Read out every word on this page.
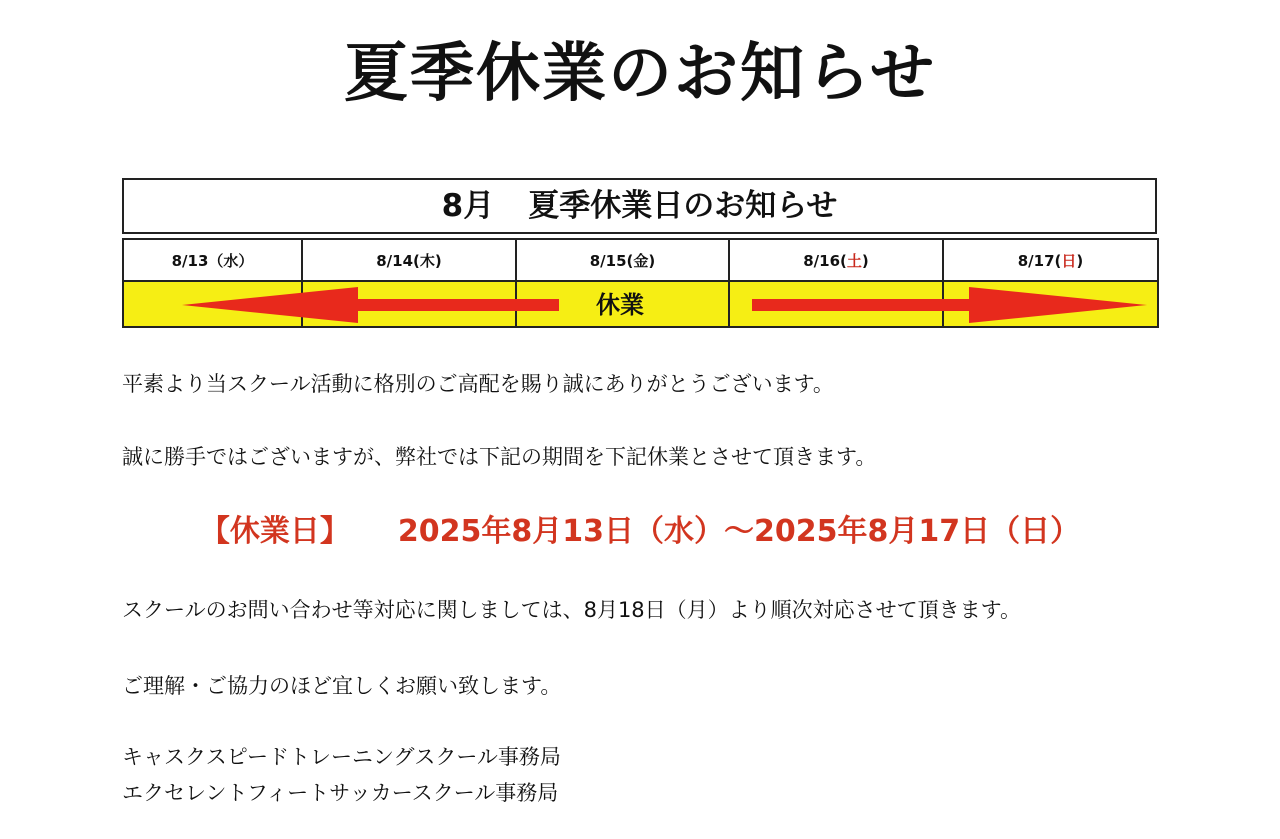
夏季休業のお知らせ
8月 夏季休業日のお知らせ
8/13（水）	8/14(木)	8/15(金)	8/16(土)	8/17(日)

休業
平素より当スクール活動に格別のご高配を賜り誠にありがとうございます。
誠に勝手ではございますが、弊社では下記の期間を下記休業とさせて頂きます。
【休業日】 2025年8月13日（水）～2025年8月17日（日）
スクールのお問い合わせ等対応に関しましては、8月18日（月）より順次対応させて頂きます。
ご理解・ご協力のほど宜しくお願い致します。
キャスクスピードトレーニングスクール事務局
エクセレントフィートサッカースクール事務局
